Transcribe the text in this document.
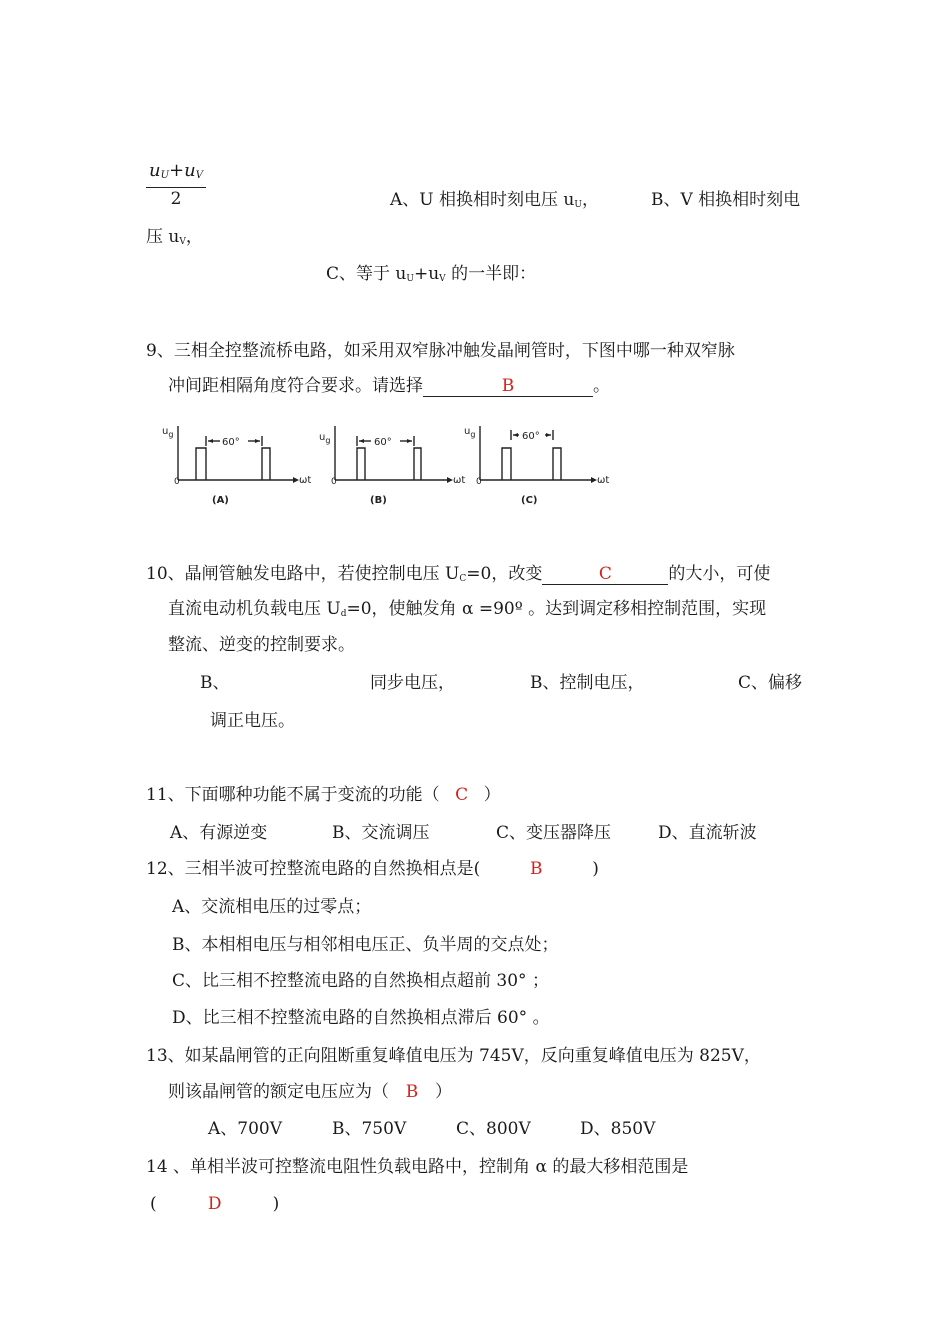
$\frac{u_U+u_V}{2}$	A、U 相换相时刻电压 $u_U$，	B、V 相换相时刻电
压 $u_V$，
C、等于 $u_U+u_V$ 的一半即：
9、三相全控整流桥电路，如采用双窄脉冲触发晶闸管时，下图中哪一种双窄脉
冲间距相隔角度符合要求。请选择	B	。
$u_g$	$u_g$
$u_g$
0	0	0
ωt	ωt	ωt
60°	60°
60°
(A)	(B)	(C)
10、晶闸管触发电路中，若使控制电压 $U_C=0$，改变	C	的大小，可使
直流电动机负载电压 $U_d=0$，使触发角 α =90º 。达到调定移相控制范围，实现
整流、逆变的控制要求。
B、	同步电压，	B、控制电压，	C、偏移
调正电压。
11、下面哪种功能不属于变流的功能（ C ）
A、有源逆变	B、交流调压	C、变压器降压	D、直流斩波
12、三相半波可控整流电路的自然换相点是(	B	)
A、交流相电压的过零点；
B、本相相电压与相邻相电压正、负半周的交点处；
C、比三相不控整流电路的自然换相点超前 30° ；
D、比三相不控整流电路的自然换相点滞后 60° 。
13、如某晶闸管的正向阻断重复峰值电压为 745V，反向重复峰值电压为 825V，
则该晶闸管的额定电压应为（ B ）
A、700V	B、750V	C、800V	D、850V
14 、单相半波可控整流电阻性负载电路中，控制角 α 的最大移相范围是
(	D	)
